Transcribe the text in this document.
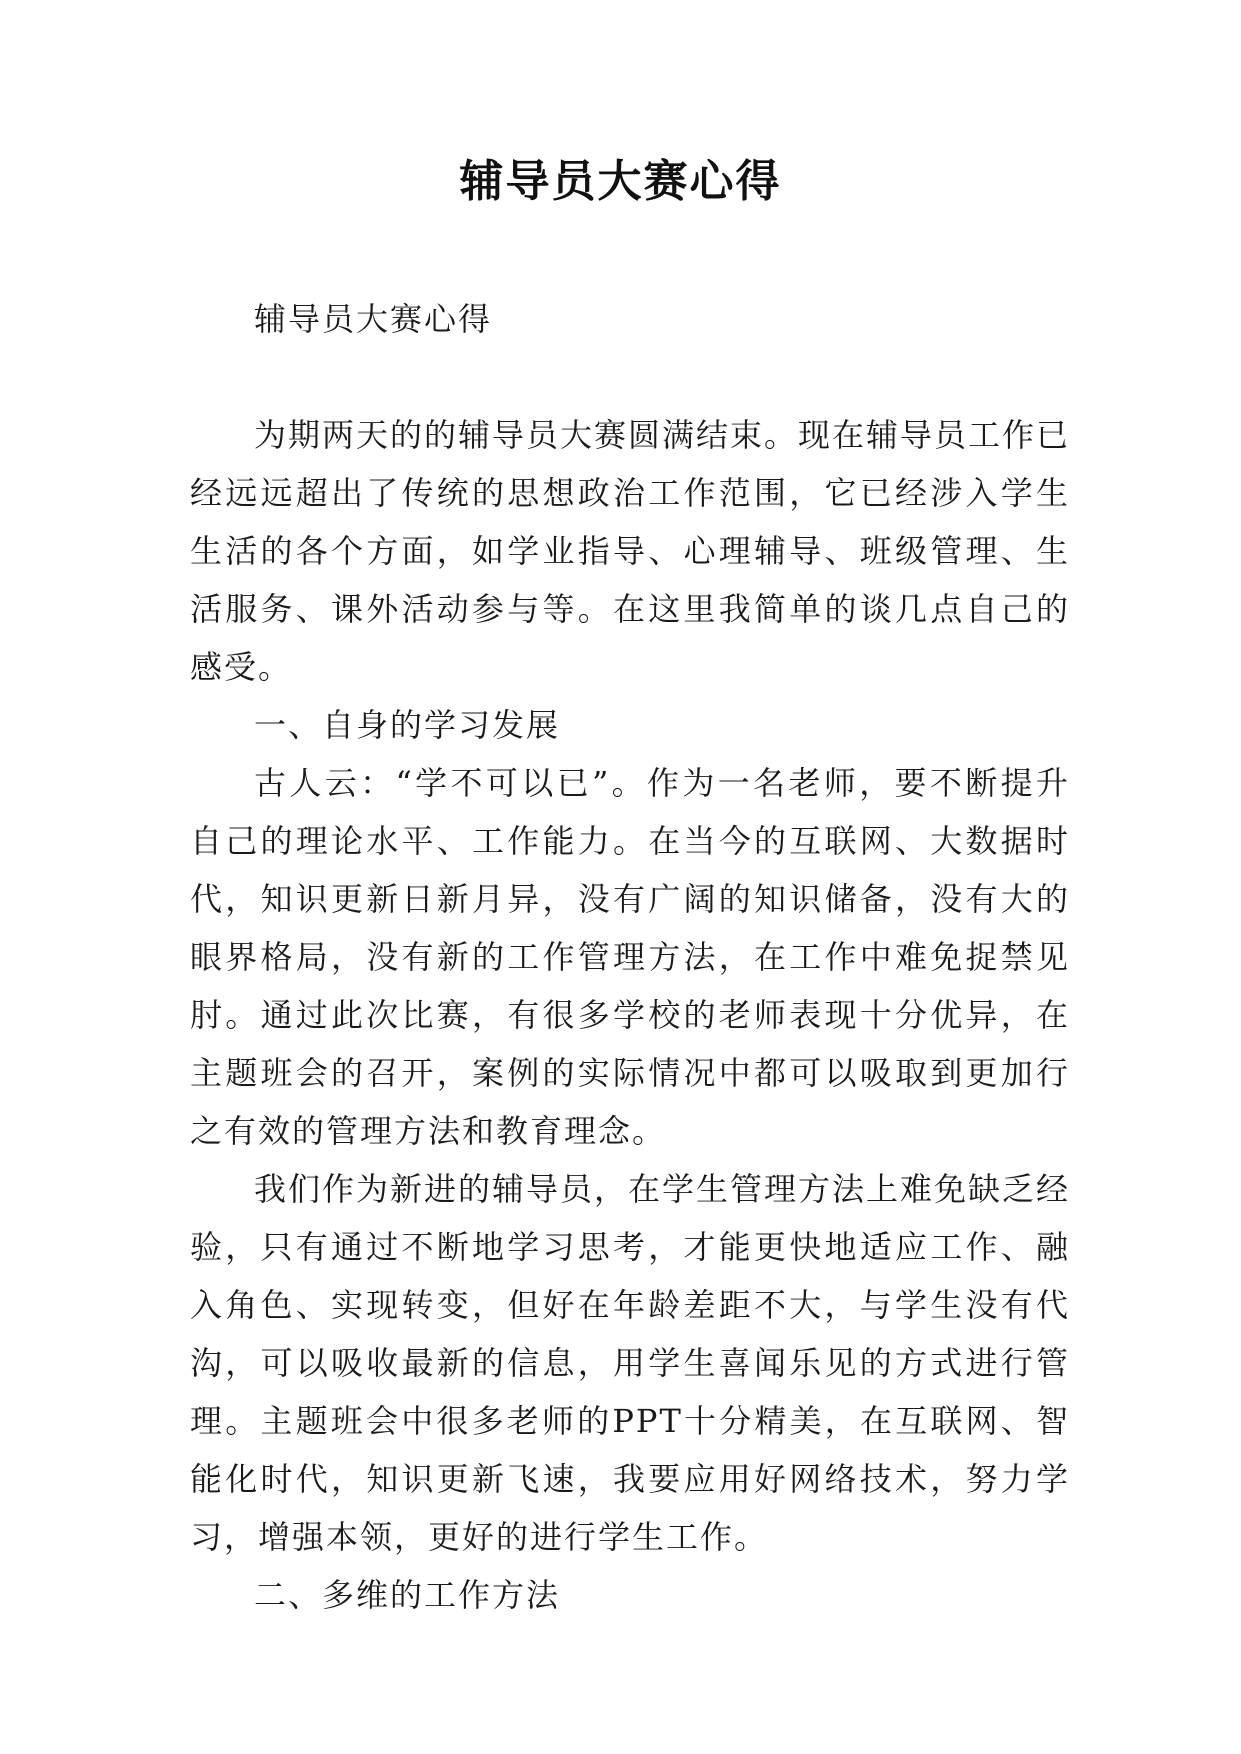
辅导员大赛心得

辅导员大赛心得

为期两天的的辅导员大赛圆满结束。现在辅导员工作已经远远超出了传统的思想政治工作范围，它已经涉入学生生活的各个方面，如学业指导、心理辅导、班级管理、生活服务、课外活动参与等。在这里我简单的谈几点自己的感受。

一、自身的学习发展

古人云：“学不可以已”。作为一名老师，要不断提升自己的理论水平、工作能力。在当今的互联网、大数据时代，知识更新日新月异，没有广阔的知识储备，没有大的眼界格局，没有新的工作管理方法，在工作中难免捉禁见肘。通过此次比赛，有很多学校的老师表现十分优异，在主题班会的召开，案例的实际情况中都可以吸取到更加行之有效的管理方法和教育理念。

我们作为新进的辅导员，在学生管理方法上难免缺乏经验，只有通过不断地学习思考，才能更快地适应工作、融入角色、实现转变，但好在年龄差距不大，与学生没有代沟，可以吸收最新的信息，用学生喜闻乐见的方式进行管理。主题班会中很多老师的PPT十分精美，在互联网、智能化时代，知识更新飞速，我要应用好网络技术，努力学习，增强本领，更好的进行学生工作。

二、多维的工作方法
